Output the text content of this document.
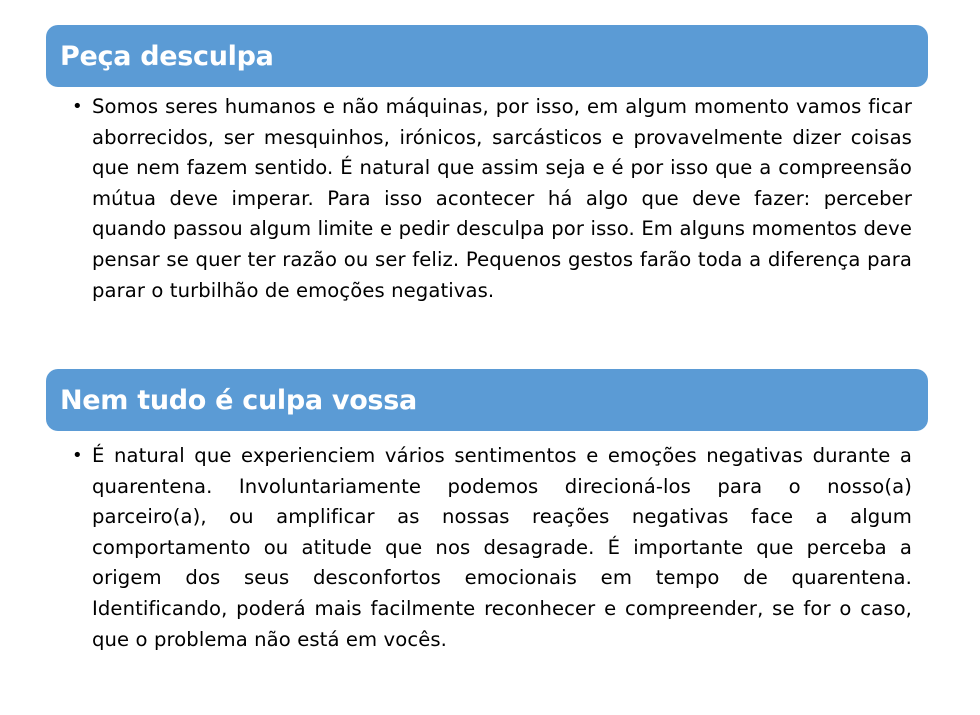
Peça desculpa
• Somos seres humanos e não máquinas, por isso, em algum momento vamos ficar aborrecidos, ser mesquinhos, irónicos, sarcásticos e provavelmente dizer coisas que nem fazem sentido. É natural que assim seja e é por isso que a compreensão mútua deve imperar. Para isso acontecer há algo que deve fazer: perceber quando passou algum limite e pedir desculpa por isso. Em alguns momentos deve pensar se quer ter razão ou ser feliz. Pequenos gestos farão toda a diferença para parar o turbilhão de emoções negativas.

Nem tudo é culpa vossa
• É natural que experienciem vários sentimentos e emoções negativas durante a quarentena. Involuntariamente podemos direcioná-los para o nosso(a) parceiro(a), ou amplificar as nossas reações negativas face a algum comportamento ou atitude que nos desagrade. É importante que perceba a origem dos seus desconfortos emocionais em tempo de quarentena. Identificando, poderá mais facilmente reconhecer e compreender, se for o caso, que o problema não está em vocês.
